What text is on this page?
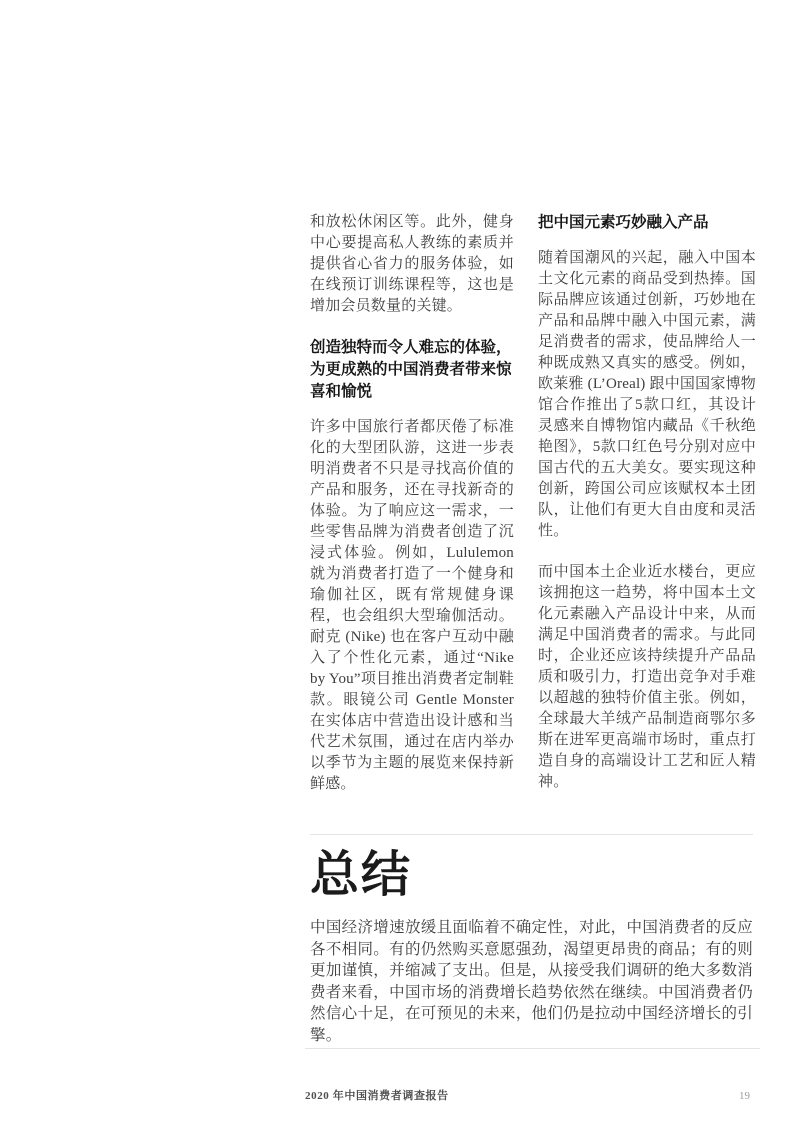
和放松休闲区等。此外，健身中心要提高私人教练的素质并提供省心省力的服务体验，如在线预订训练课程等，这也是增加会员数量的关键。

创造独特而令人难忘的体验，为更成熟的中国消费者带来惊喜和愉悦

许多中国旅行者都厌倦了标准化的大型团队游，这进一步表明消费者不只是寻找高价值的产品和服务，还在寻找新奇的体验。为了响应这一需求，一些零售品牌为消费者创造了沉浸式体验。例如，Lululemon就为消费者打造了一个健身和瑜伽社区，既有常规健身课程，也会组织大型瑜伽活动。耐克 (Nike) 也在客户互动中融入了个性化元素，通过“Nike by You”项目推出消费者定制鞋款。眼镜公司 Gentle Monster在实体店中营造出设计感和当代艺术氛围，通过在店内举办以季节为主题的展览来保持新鲜感。

把中国元素巧妙融入产品

随着国潮风的兴起，融入中国本土文化元素的商品受到热捧。国际品牌应该通过创新，巧妙地在产品和品牌中融入中国元素，满足消费者的需求，使品牌给人一种既成熟又真实的感受。例如，欧莱雅 (L’Oreal) 跟中国国家博物馆合作推出了5款口红，其设计灵感来自博物馆内藏品《千秋绝艳图》，5款口红色号分别对应中国古代的五大美女。要实现这种创新，跨国公司应该赋权本土团队，让他们有更大自由度和灵活性。

而中国本土企业近水楼台，更应该拥抱这一趋势，将中国本土文化元素融入产品设计中来，从而满足中国消费者的需求。与此同时，企业还应该持续提升产品品质和吸引力，打造出竞争对手难以超越的独特价值主张。例如，全球最大羊绒产品制造商鄂尔多斯在进军更高端市场时，重点打造自身的高端设计工艺和匠人精神。

总结

中国经济增速放缓且面临着不确定性，对此，中国消费者的反应各不相同。有的仍然购买意愿强劲，渴望更昂贵的商品；有的则更加谨慎，并缩减了支出。但是，从接受我们调研的绝大多数消费者来看，中国市场的消费增长趋势依然在继续。中国消费者仍然信心十足，在可预见的未来，他们仍是拉动中国经济增长的引擎。

2020 年中国消费者调查报告	19
